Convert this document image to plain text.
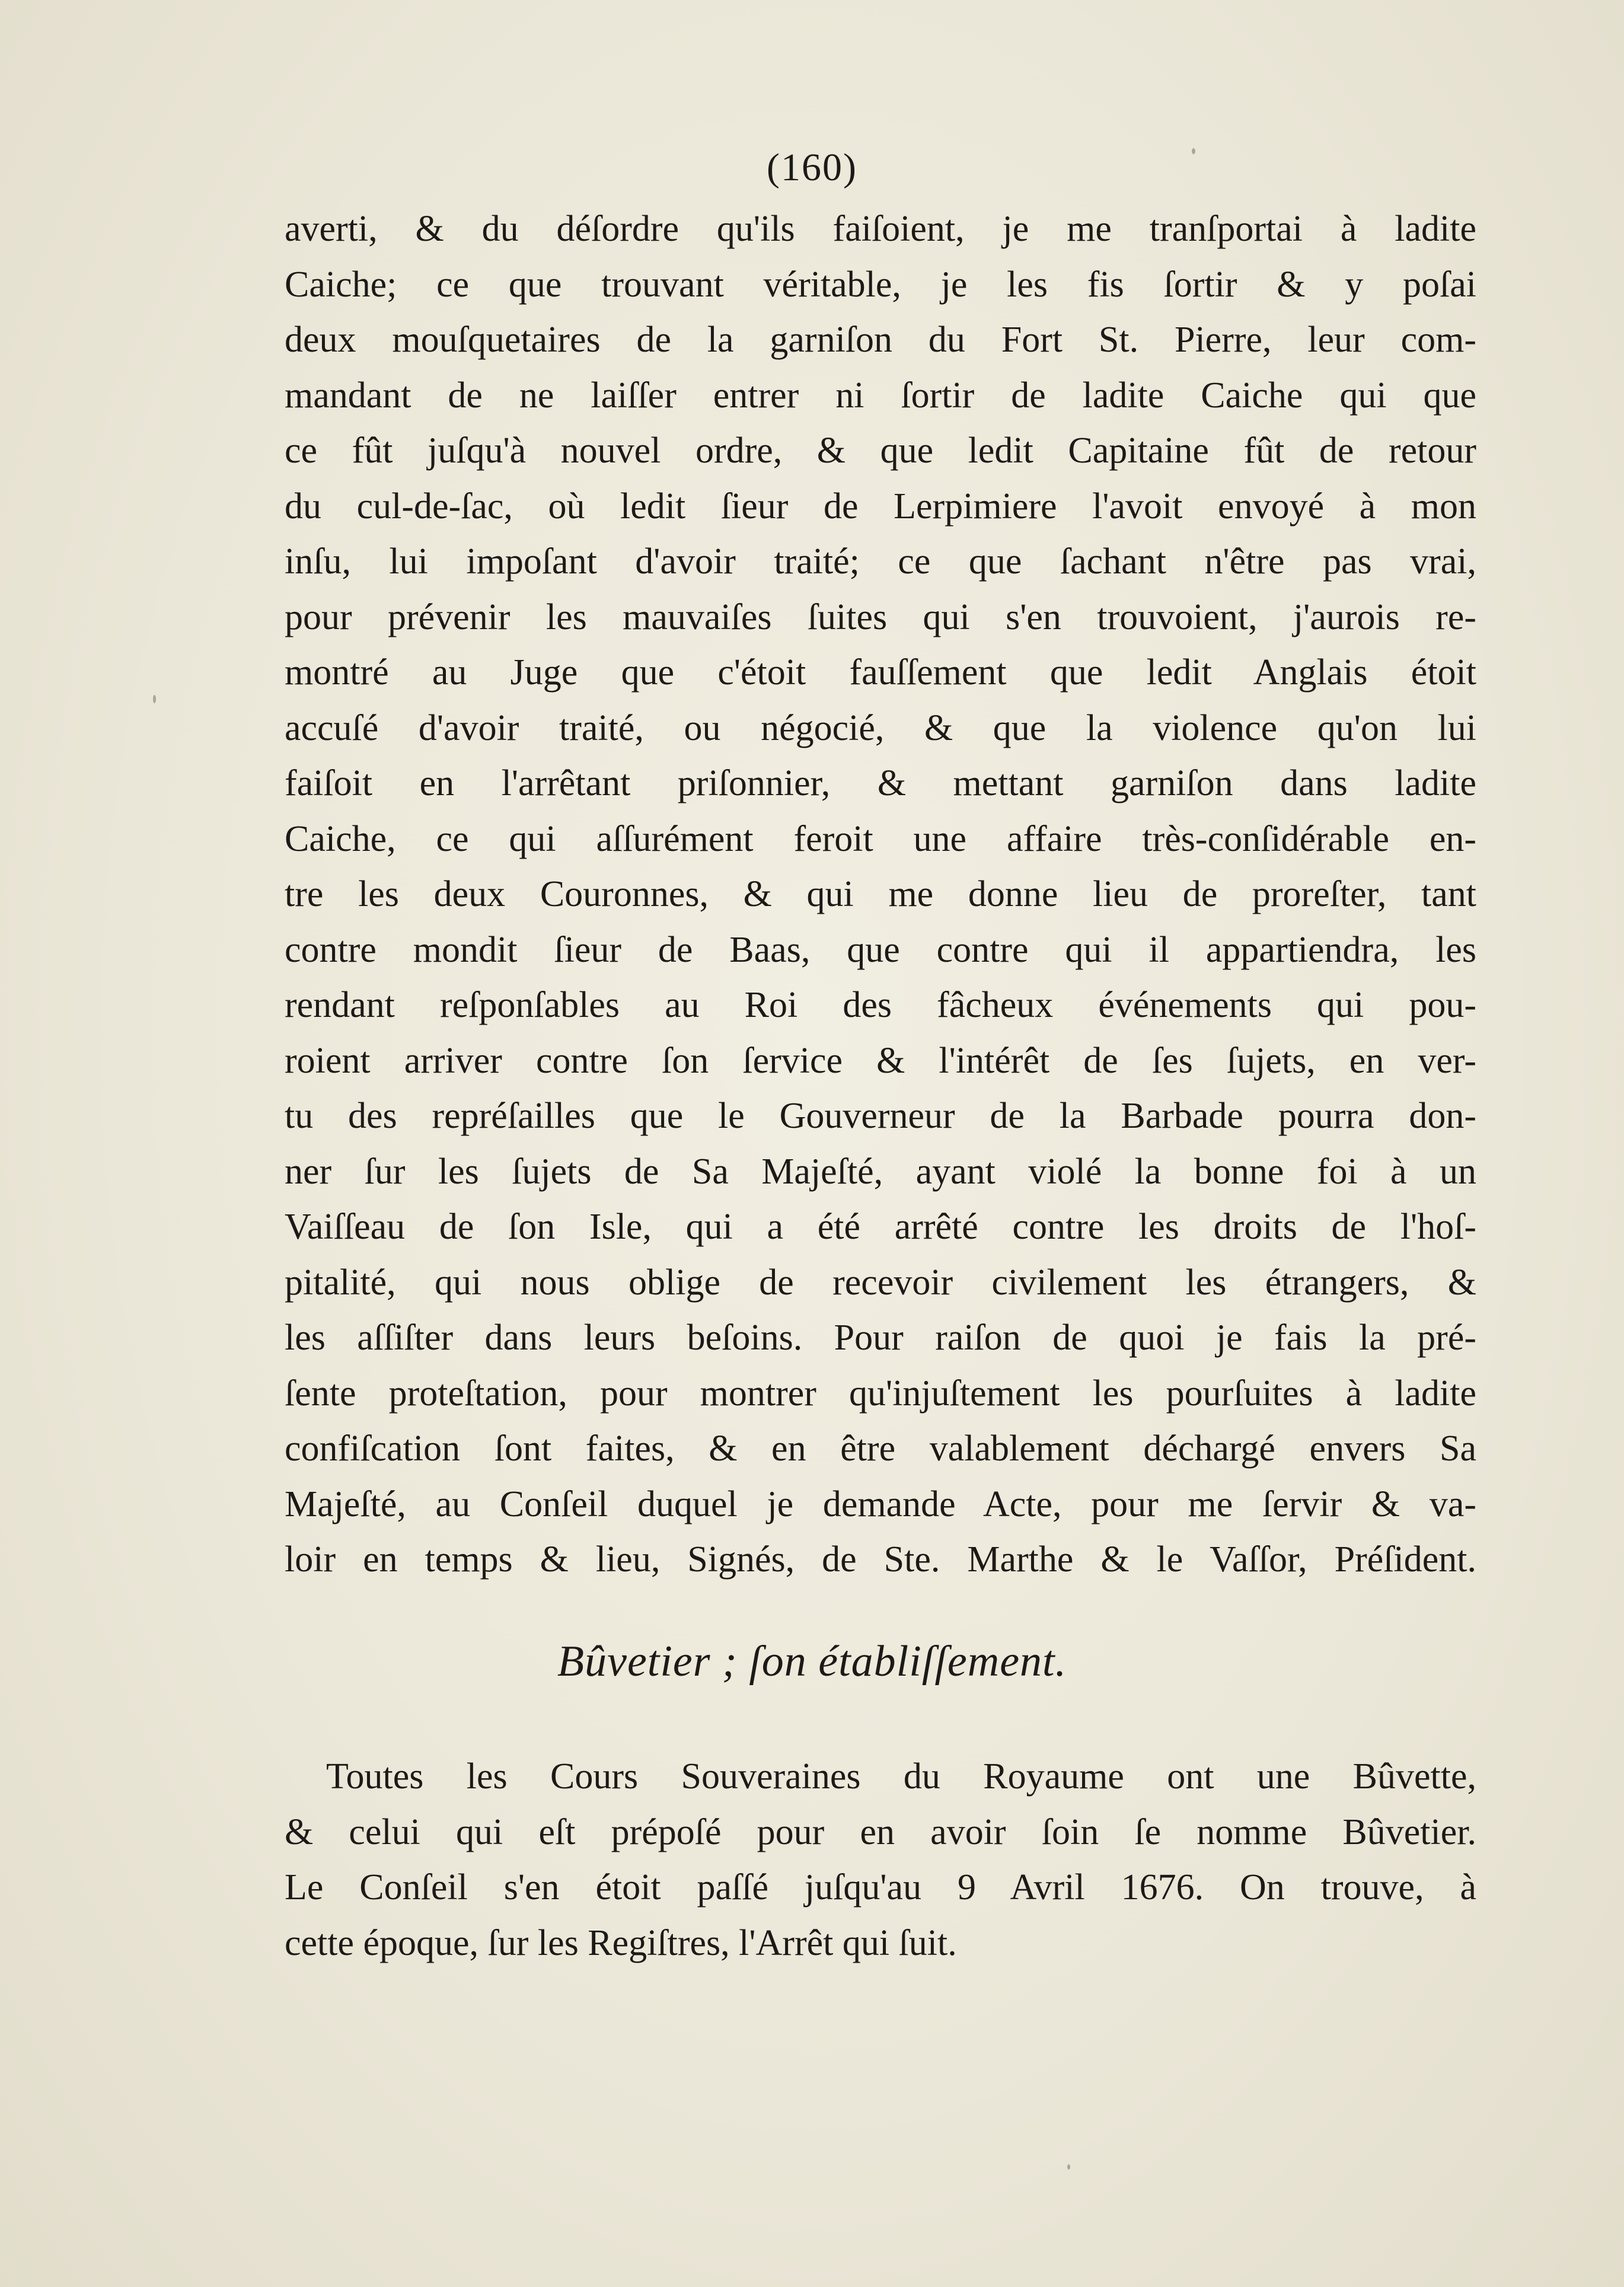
(160)
averti, & du déſordre qu'ils faiſoient, je me tranſportai à ladite
Caiche; ce que trouvant véritable, je les fis ſortir & y poſai
deux mouſquetaires de la garniſon du Fort St. Pierre, leur com-
mandant de ne laiſſer entrer ni ſortir de ladite Caiche qui que
ce fût juſqu'à nouvel ordre, & que ledit Capitaine fût de retour
du cul-de-ſac, où ledit ſieur de Lerpimiere l'avoit envoyé à mon
inſu, lui impoſant d'avoir traité; ce que ſachant n'être pas vrai,
pour prévenir les mauvaiſes ſuites qui s'en trouvoient, j'aurois re-
montré au Juge que c'étoit fauſſement que ledit Anglais étoit
accuſé d'avoir traité, ou négocié, & que la violence qu'on lui
faiſoit en l'arrêtant priſonnier, & mettant garniſon dans ladite
Caiche, ce qui aſſurément feroit une affaire très-conſidérable en-
tre les deux Couronnes, & qui me donne lieu de proreſter, tant
contre mondit ſieur de Baas, que contre qui il appartiendra, les
rendant reſponſables au Roi des fâcheux événements qui pou-
roient arriver contre ſon ſervice & l'intérêt de ſes ſujets, en ver-
tu des repréſailles que le Gouverneur de la Barbade pourra don-
ner ſur les ſujets de Sa Majeſté, ayant violé la bonne foi à un
Vaiſſeau de ſon Isle, qui a été arrêté contre les droits de l'hoſ-
pitalité, qui nous oblige de recevoir civilement les étrangers, &
les aſſiſter dans leurs beſoins. Pour raiſon de quoi je fais la pré-
ſente proteſtation, pour montrer qu'injuſtement les pourſuites à ladite
confiſcation ſont faites, & en être valablement déchargé envers Sa
Majeſté, au Conſeil duquel je demande Acte, pour me ſervir & va-
loir en temps & lieu, Signés, de Ste. Marthe & le Vaſſor, Préſident.
Bûvetier ; ſon établiſſement.
Toutes les Cours Souveraines du Royaume ont une Bûvette,
& celui qui eſt prépoſé pour en avoir ſoin ſe nomme Bûvetier.
Le Conſeil s'en étoit paſſé juſqu'au 9 Avril 1676. On trouve, à
cette époque, ſur les Regiſtres, l'Arrêt qui ſuit.
